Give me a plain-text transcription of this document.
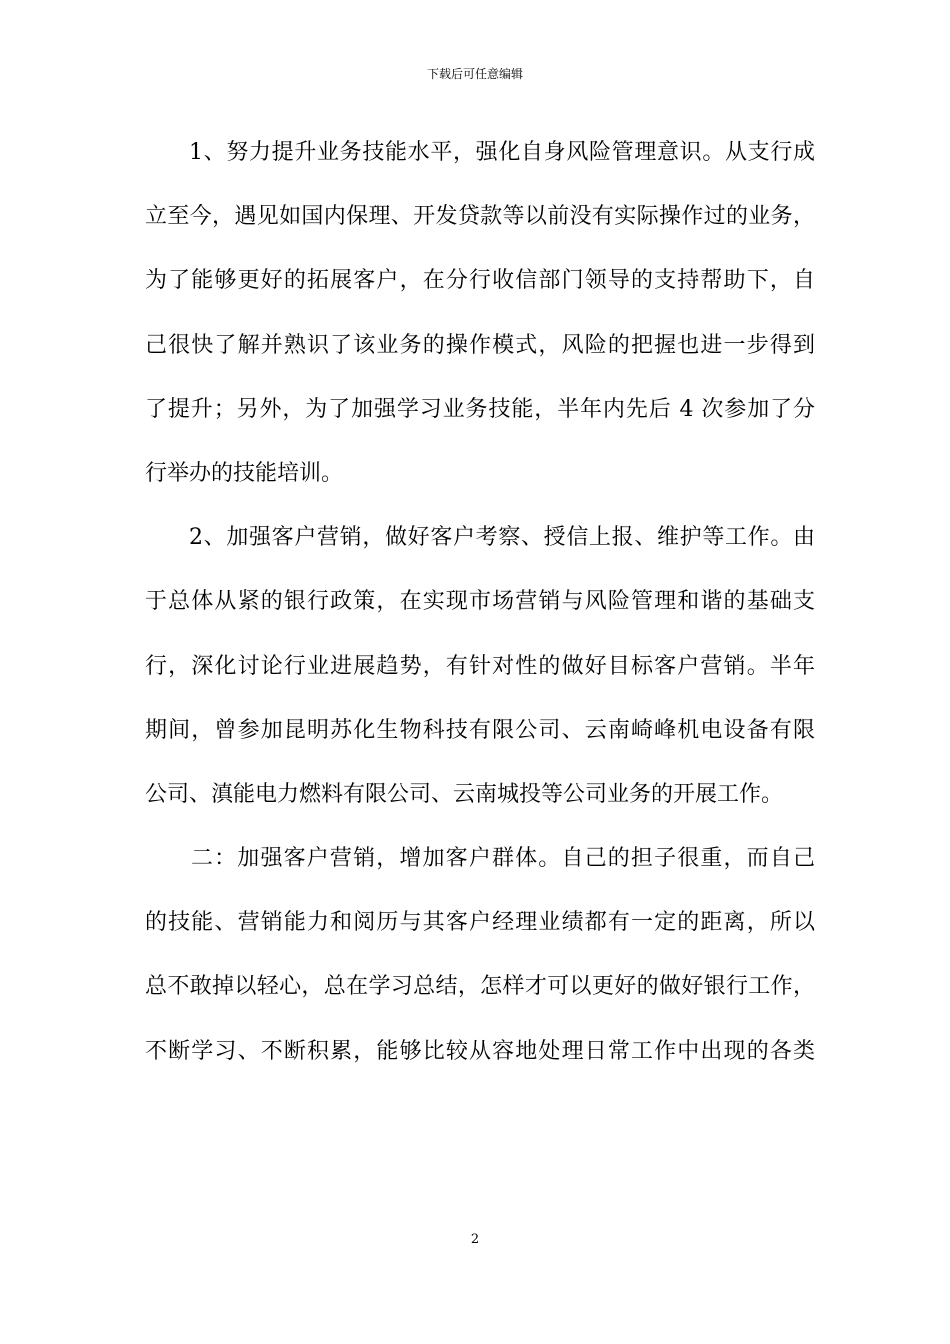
下载后可任意编辑
1、努力提升业务技能水平，强化自身风险管理意识。从支行成
立至今，遇见如国内保理、开发贷款等以前没有实际操作过的业务，
为了能够更好的拓展客户，在分行收信部门领导的支持帮助下，自
己很快了解并熟识了该业务的操作模式，风险的把握也进一步得到
了提升；另外，为了加强学习业务技能，半年内先后 4 次参加了分
行举办的技能培训。
2、加强客户营销，做好客户考察、授信上报、维护等工作。由
于总体从紧的银行政策，在实现市场营销与风险管理和谐的基础支
行，深化讨论行业进展趋势，有针对性的做好目标客户营销。半年
期间，曾参加昆明苏化生物科技有限公司、云南崎峰机电设备有限
公司、滇能电力燃料有限公司、云南城投等公司业务的开展工作。
二：加强客户营销，增加客户群体。自己的担子很重，而自己
的技能、营销能力和阅历与其客户经理业绩都有一定的距离，所以
总不敢掉以轻心，总在学习总结，怎样才可以更好的做好银行工作，
不断学习、不断积累，能够比较从容地处理日常工作中出现的各类
2
